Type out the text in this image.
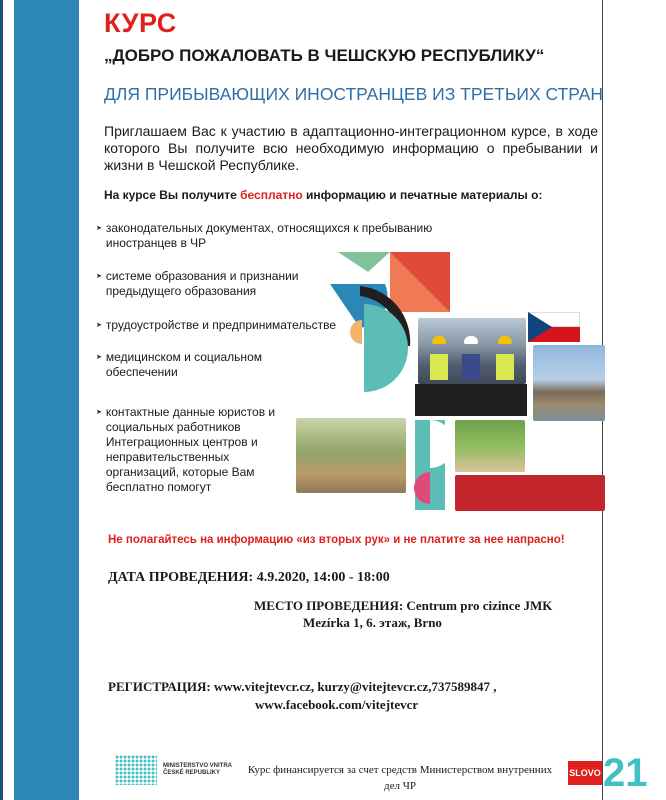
КУРС
„ДОБРО ПОЖАЛОВАТЬ В ЧЕШСКУЮ РЕСПУБЛИКУ“
ДЛЯ ПРИБЫВАЮЩИХ ИНОСТРАНЦЕВ ИЗ ТРЕТЬИХ СТРАН
Приглашаем Вас к участию в адаптационно-интеграционном курсе, в ходе которого Вы получите всю необходимую информацию о пребывании и жизни в Чешской Республике.
На курсе Вы получите бесплатно информацию и печатные материалы о:
➤ законодательных документах, относящихся к пребыванию иностранцев в ЧР
➤ системе образования и признании предыдущего образования
➤ трудоустройстве и предпринимательстве
➤ медицинском и социальном обеспечении
➤ контактные данные юристов и социальных работников Интеграционных центров и неправительственных организаций, которые Вам бесплатно помогут
Не полагайтесь на информацию «из вторых рук» и не платите за нее напрасно!
ДАТА ПРОВЕДЕНИЯ: 4.9.2020, 14:00 - 18:00
МЕСТО ПРОВЕДЕНИЯ: Centrum pro cizince JMK
Mezírka 1, 6. этаж, Brno
РЕГИСТРАЦИЯ: www.vitejtevcr.cz, kurzy@vitejtevcr.cz,737589847 ,
www.facebook.com/vitejtevcr
MINISTERSTVO VNITRA
ČESKÉ REPUBLIKY	Курс финансируется за счет средств Министерством внутренних дел ЧР
SLOVO 21
